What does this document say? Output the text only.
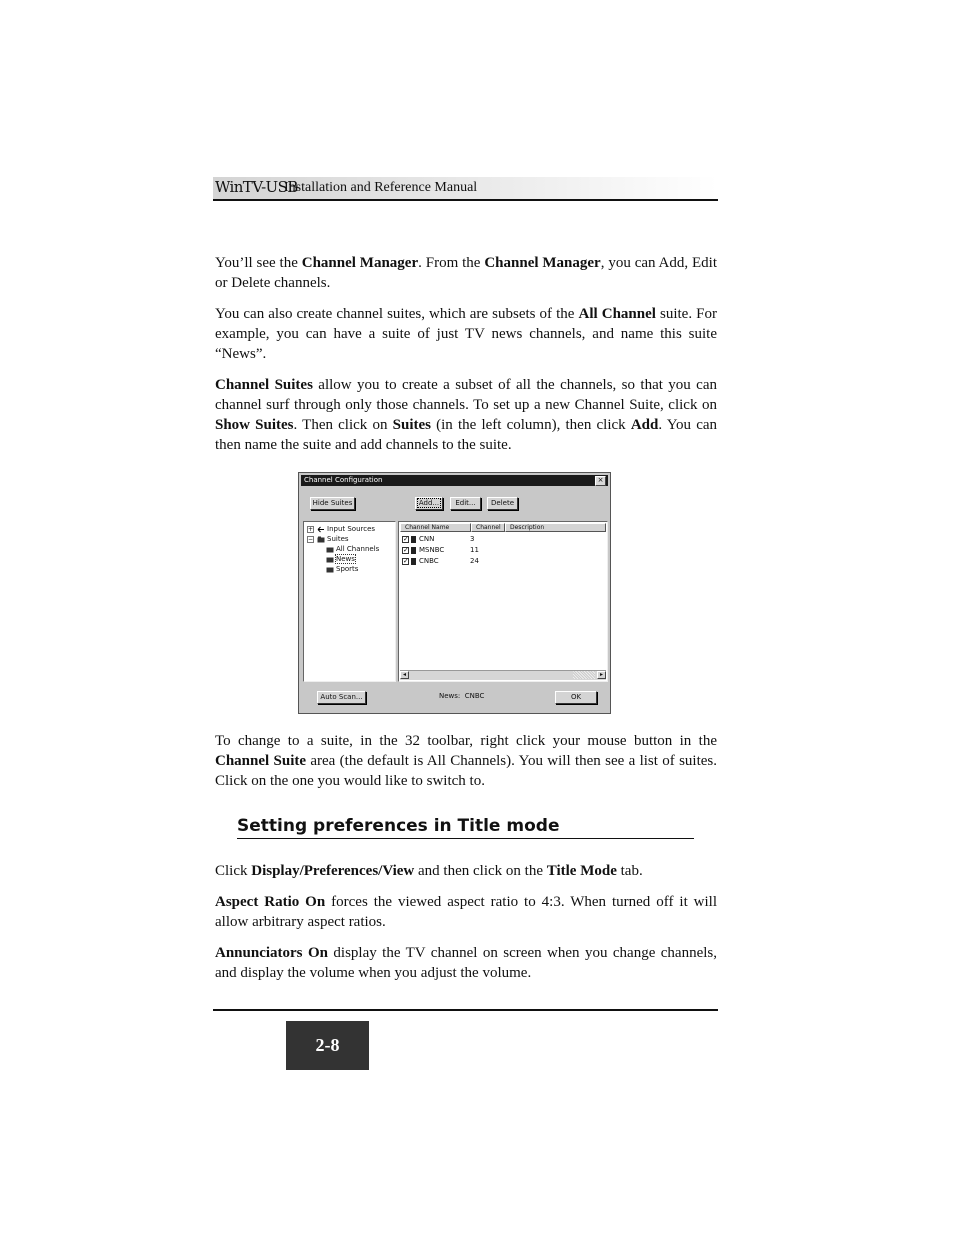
WinTV-USB
Installation and Reference Manual

You’ll see the Channel Manager. From the Channel Manager, you can Add, Edit or Delete channels.

You can also create channel suites, which are subsets of the All Channel suite. For example, you can have a suite of just TV news channels, and name this suite “News”.

Channel Suites allow you to create a subset of all the channels, so that you can channel surf through only those channels. To set up a new Channel Suite, click on Show Suites. Then click on Suites (in the left column), then click Add. You can then name the suite and add channels to the suite.

Channel Configuration	×
Hide Suites	Add...	Edit...	Delete
+ Input Sources
− Suites
All Channels
News
Sports
Channel Name	Channel	Description
✓ CNN	3
✓ MSNBC	11
✓ CNBC	24
◂	▸
Auto Scan...	News:  CNBC	OK

To change to a suite, in the 32 toolbar, right click your mouse button in the Channel Suite area (the default is All Channels). You will then see a list of suites. Click on the one you would like to switch to.

Setting preferences in Title mode

Click Display/Preferences/View and then click on the Title Mode tab.

Aspect Ratio On forces the viewed aspect ratio to 4:3. When turned off it will allow arbitrary aspect ratios.

Annunciators On display the TV channel on screen when you change channels, and display the volume when you adjust the volume.

2-8
